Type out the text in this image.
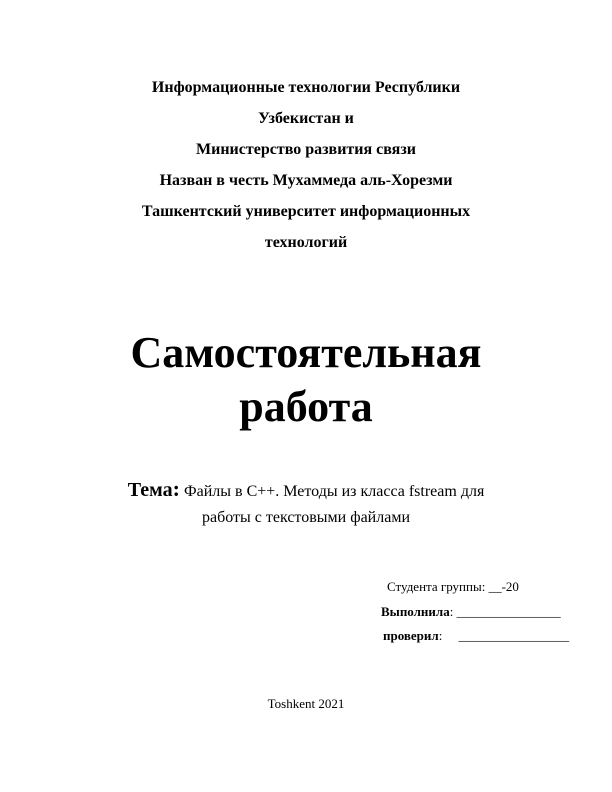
Информационные технологии Республики
Узбекистан и
Министерство развития связи
Назван в честь Мухаммеда аль-Хорезми
Ташкентский университет информационных
технологий
Самостоятельная
работа
Тема: Файлы в C++. Методы из класса fstream для
работы с текстовыми файлами
Студента группы: __-20
Выполнила: ________________
проверил:     _________________
Toshkent 2021
